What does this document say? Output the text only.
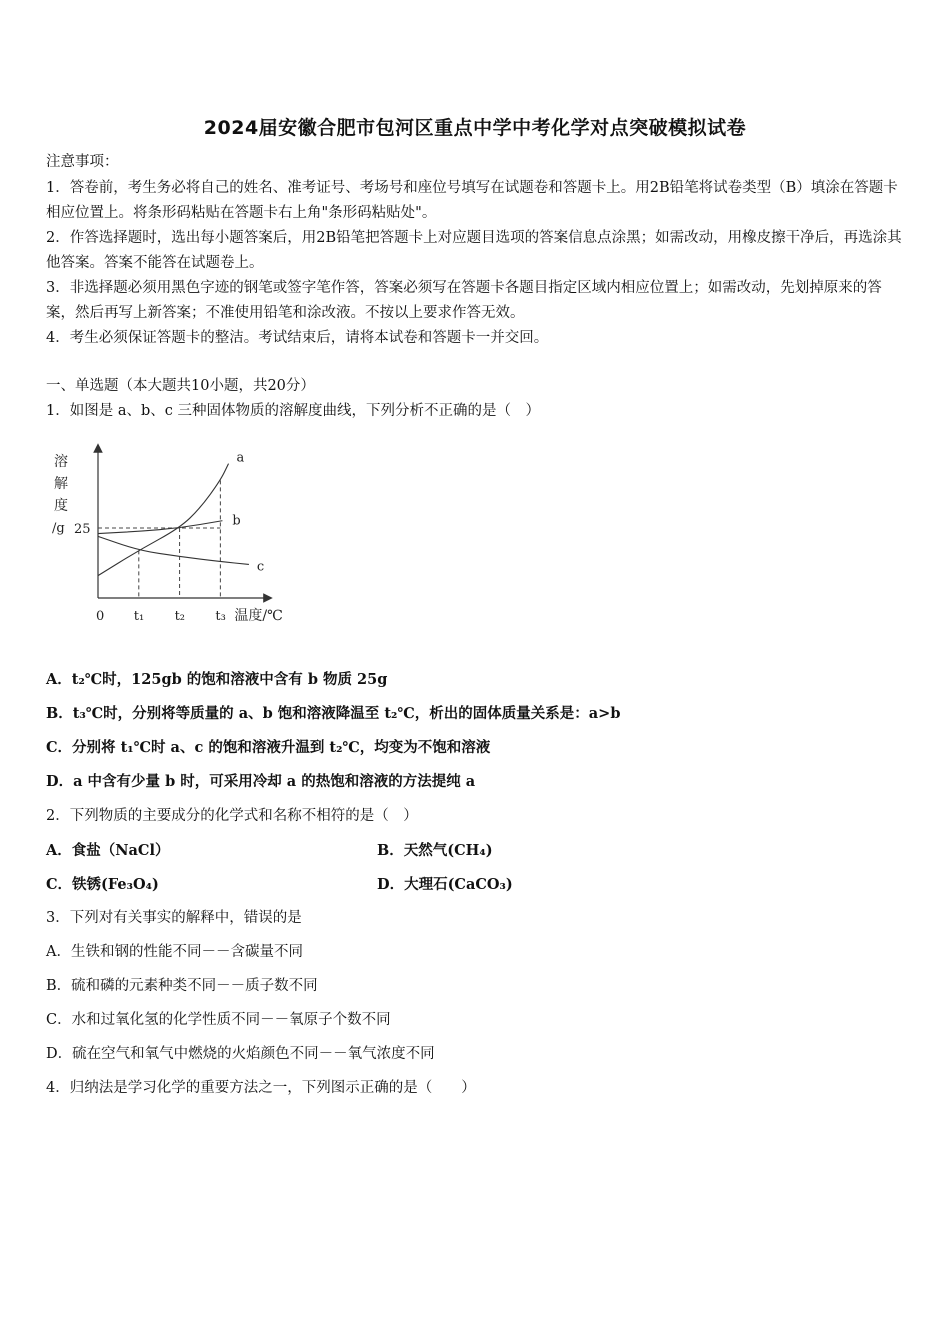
2024届安徽合肥市包河区重点中学中考化学对点突破模拟试卷
注意事项：
1．答卷前，考生务必将自己的姓名、准考证号、考场号和座位号填写在试题卷和答题卡上。用2B铅笔将试卷类型（B）填涂在答题卡相应位置上。将条形码粘贴在答题卡右上角"条形码粘贴处"。
2．作答选择题时，选出每小题答案后，用2B铅笔把答题卡上对应题目选项的答案信息点涂黑；如需改动，用橡皮擦干净后，再选涂其他答案。答案不能答在试题卷上。
3．非选择题必须用黑色字迹的钢笔或签字笔作答，答案必须写在答题卡各题目指定区域内相应位置上；如需改动，先划掉原来的答案，然后再写上新答案；不准使用铅笔和涂改液。不按以上要求作答无效。
4．考生必须保证答题卡的整洁。考试结束后，请将本试卷和答题卡一并交回。
一、单选题（本大题共10小题，共20分）
1．如图是 a、b、c 三种固体物质的溶解度曲线，下列分析不正确的是（　）
a
b
c
溶
解
度
/g 25
0 t₁ t₂ t₃ 温度/℃
A．t₂℃时，125gb 的饱和溶液中含有 b 物质 25g
B．t₃℃时，分别将等质量的 a、b 饱和溶液降温至 t₂℃，析出的固体质量关系是：a>b
C．分别将 t₁℃时 a、c 的饱和溶液升温到 t₂℃，均变为不饱和溶液
D．a 中含有少量 b 时，可采用冷却 a 的热饱和溶液的方法提纯 a
2．下列物质的主要成分的化学式和名称不相符的是（　）
A．食盐（NaCl）	B．天然气(CH₄)
C．铁锈(Fe₃O₄)	D．大理石(CaCO₃)
3．下列对有关事实的解释中，错误的是
A．生铁和钢的性能不同－－含碳量不同
B．硫和磷的元素种类不同－－质子数不同
C．水和过氧化氢的化学性质不同－－氧原子个数不同
D．硫在空气和氧气中燃烧的火焰颜色不同－－氧气浓度不同
4．归纳法是学习化学的重要方法之一，下列图示正确的是（　　）
